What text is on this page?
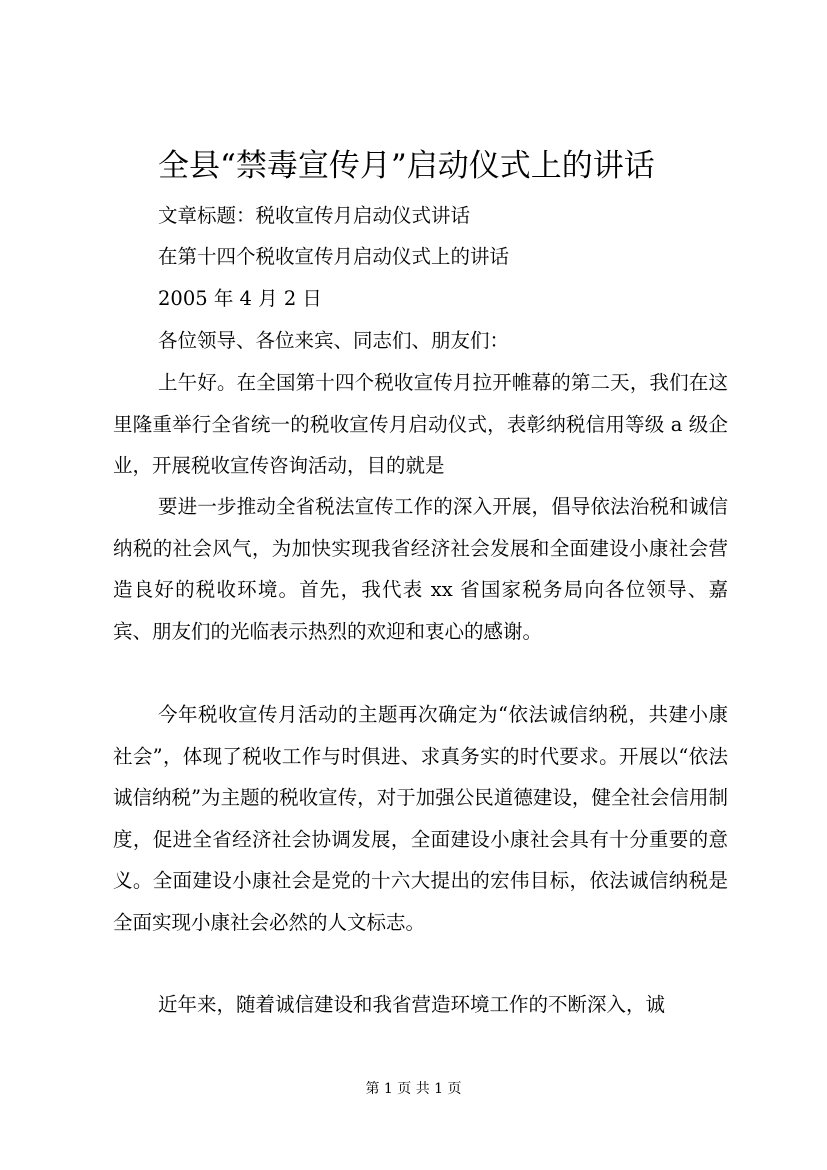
全县“禁毒宣传月”启动仪式上的讲话
文章标题：税收宣传月启动仪式讲话
在第十四个税收宣传月启动仪式上的讲话
2005 年 4 月 2 日
各位领导、各位来宾、同志们、朋友们：

上午好。在全国第十四个税收宣传月拉开帷幕的第二天，我们在这里隆重举行全省统一的税收宣传月启动仪式，表彰纳税信用等级 a 级企业，开展税收宣传咨询活动，目的就是

要进一步推动全省税法宣传工作的深入开展，倡导依法治税和诚信纳税的社会风气，为加快实现我省经济社会发展和全面建设小康社会营造良好的税收环境。首先，我代表 xx 省国家税务局向各位领导、嘉宾、朋友们的光临表示热烈的欢迎和衷心的感谢。

今年税收宣传月活动的主题再次确定为“依法诚信纳税，共建小康社会”，体现了税收工作与时俱进、求真务实的时代要求。开展以“依法诚信纳税”为主题的税收宣传，对于加强公民道德建设，健全社会信用制度，促进全省经济社会协调发展，全面建设小康社会具有十分重要的意义。全面建设小康社会是党的十六大提出的宏伟目标，依法诚信纳税是全面实现小康社会必然的人文标志。

近年来，随着诚信建设和我省营造环境工作的不断深入，诚

第 1 页 共 1 页
